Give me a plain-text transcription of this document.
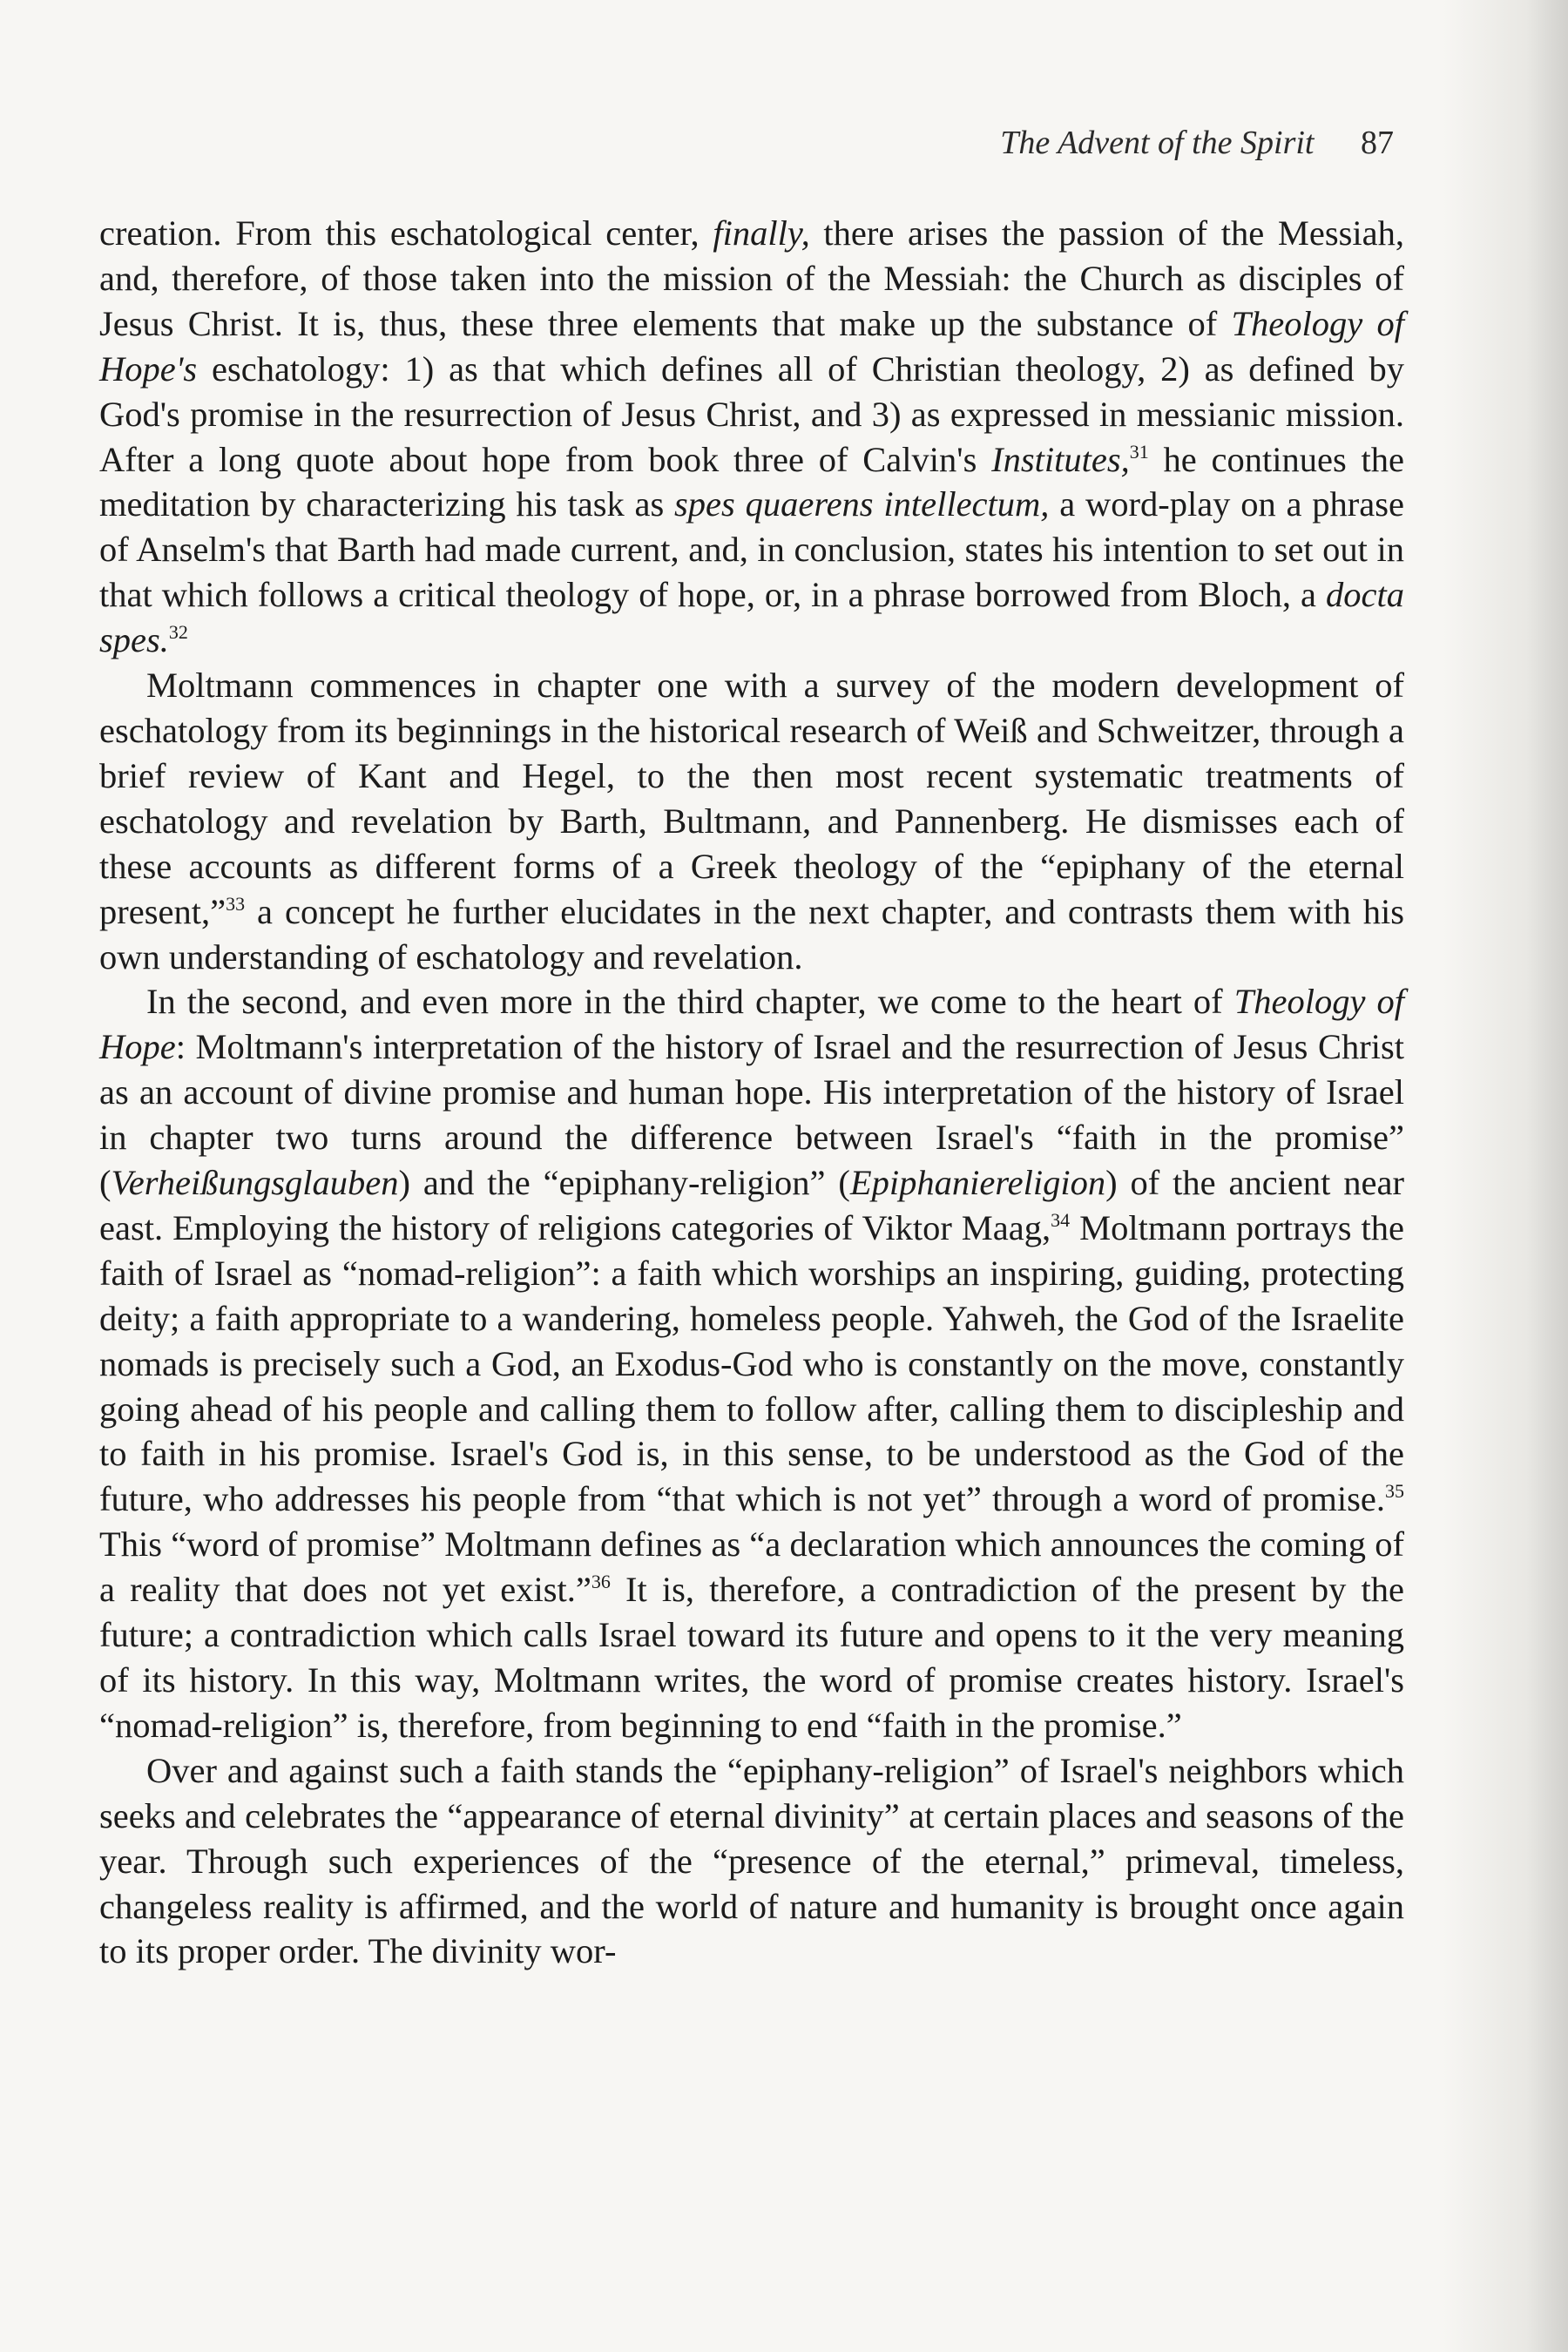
The Advent of the Spirit 87

creation. From this eschatological center, finally, there arises the passion of the Messiah, and, therefore, of those taken into the mission of the Messiah: the Church as disciples of Jesus Christ. It is, thus, these three elements that make up the substance of Theology of Hope's eschatology: 1) as that which defines all of Christian theology, 2) as defined by God's promise in the resurrection of Jesus Christ, and 3) as expressed in messianic mission. After a long quote about hope from book three of Calvin's Institutes,$^{31}$ he continues the meditation by characterizing his task as spes quaerens intellectum, a word-play on a phrase of Anselm's that Barth had made current, and, in conclusion, states his intention to set out in that which follows a critical theology of hope, or, in a phrase borrowed from Bloch, a docta spes.$^{32}$

Moltmann commences in chapter one with a survey of the modern development of eschatology from its beginnings in the historical research of Weiß and Schweitzer, through a brief review of Kant and Hegel, to the then most recent systematic treatments of eschatology and revelation by Barth, Bultmann, and Pannenberg. He dismisses each of these accounts as different forms of a Greek theology of the “epiphany of the eternal present,”$^{33}$ a concept he further elucidates in the next chapter, and contrasts them with his own understanding of eschatology and revelation.

In the second, and even more in the third chapter, we come to the heart of Theology of Hope: Moltmann's interpretation of the history of Israel and the resurrection of Jesus Christ as an account of divine promise and human hope. His interpretation of the history of Israel in chapter two turns around the difference between Israel's “faith in the promise” (Verheißungsglauben) and the “epiphany-religion” (Epiphaniereligion) of the ancient near east. Employing the history of religions categories of Viktor Maag,$^{34}$ Moltmann portrays the faith of Israel as “nomad-religion”: a faith which worships an inspiring, guiding, protecting deity; a faith appropriate to a wandering, homeless people. Yahweh, the God of the Israelite nomads is precisely such a God, an Exodus-God who is constantly on the move, constantly going ahead of his people and calling them to follow after, calling them to discipleship and to faith in his promise. Israel's God is, in this sense, to be understood as the God of the future, who addresses his people from “that which is not yet” through a word of promise.$^{35}$ This “word of promise” Moltmann defines as “a declaration which announces the coming of a reality that does not yet exist.”$^{36}$ It is, therefore, a contradiction of the present by the future; a contradiction which calls Israel toward its future and opens to it the very meaning of its history. In this way, Moltmann writes, the word of promise creates history. Israel's “nomad-religion” is, therefore, from beginning to end “faith in the promise.”

Over and against such a faith stands the “epiphany-religion” of Israel's neighbors which seeks and celebrates the “appearance of eternal divinity” at certain places and seasons of the year. Through such experiences of the “presence of the eternal,” primeval, timeless, changeless reality is affirmed, and the world of nature and humanity is brought once again to its proper order. The divinity wor-
